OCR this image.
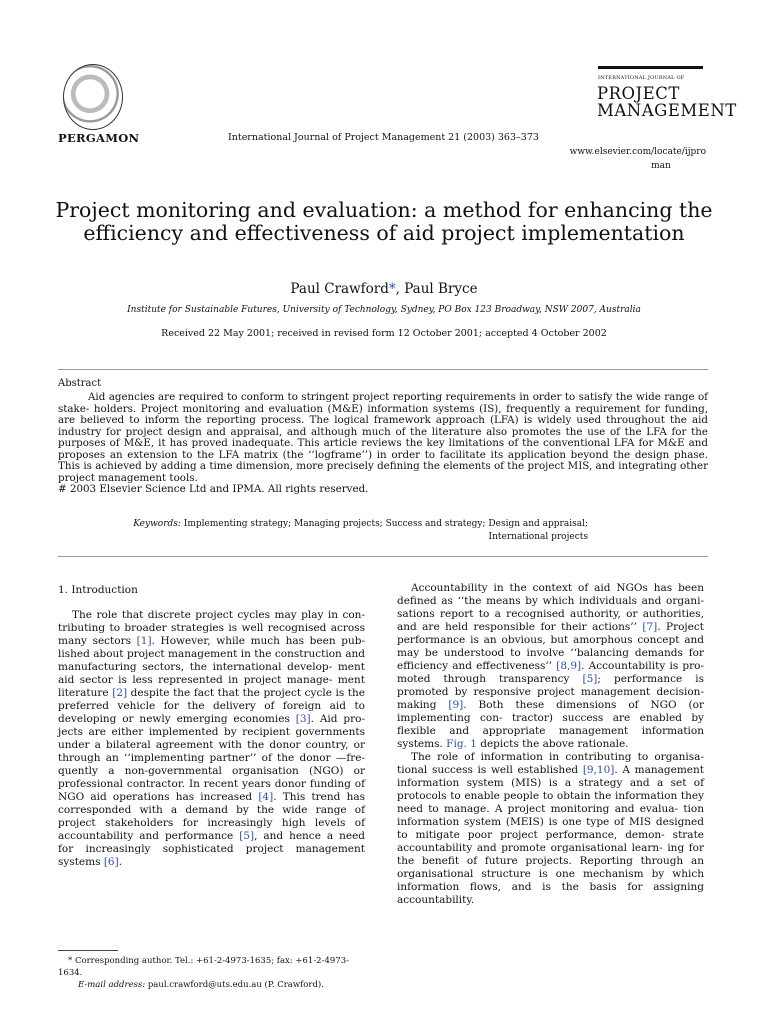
PERGAMON	International Journal of Project Management 21 (2003) 363–373
INTERNATIONAL JOURNAL OF
PROJECT
MANAGEMENT
www.elsevier.com/locate/ijpro
man
Project monitoring and evaluation: a method for enhancing the efficiency and effectiveness of aid project implementation
Paul Crawford*, Paul Bryce
Institute for Sustainable Futures, University of Technology, Sydney, PO Box 123 Broadway, NSW 2007, Australia
Received 22 May 2001; received in revised form 12 October 2001; accepted 4 October 2002
Abstract

Aid agencies are required to conform to stringent project reporting requirements in order to satisfy the wide range of stake- holders. Project monitoring and evaluation (M&E) information systems (IS), frequently a requirement for funding, are believed to inform the reporting process. The logical framework approach (LFA) is widely used throughout the aid industry for project design and appraisal, and although much of the literature also promotes the use of the LFA for the purposes of M&E, it has proved inadequate. This article reviews the key limitations of the conventional LFA for M&E and proposes an extension to the LFA matrix (the ‘‘logframe’’) in order to facilitate its application beyond the design phase. This is achieved by adding a time dimension, more precisely defining the elements of the project MIS, and integrating other project management tools.

# 2003 Elsevier Science Ltd and IPMA. All rights reserved.

Keywords: Implementing strategy; Managing projects; Success and strategy; Design and appraisal;
International projects

1. Introduction

The role that discrete project cycles may play in con- tributing to broader strategies is well recognised across many sectors [1]. However, while much has been pub- lished about project management in the construction and manufacturing sectors, the international develop- ment aid sector is less represented in project manage- ment literature [2] despite the fact that the project cycle is the preferred vehicle for the delivery of foreign aid to developing or newly emerging economies [3]. Aid pro- jects are either implemented by recipient governments under a bilateral agreement with the donor country, or through an ‘‘implementing partner’’ of the donor —fre- quently a non-governmental organisation (NGO) or professional contractor. In recent years donor funding of NGO aid operations has increased [4]. This trend has corresponded with a demand by the wide range of project stakeholders for increasingly high levels of accountability and performance [5], and hence a need for increasingly sophisticated project management systems [6].

Accountability in the context of aid NGOs has been defined as ‘‘the means by which individuals and organi- sations report to a recognised authority, or authorities, and are held responsible for their actions’’ [7]. Project performance is an obvious, but amorphous concept and may be understood to involve ‘‘balancing demands for efficiency and effectiveness’’ [8,9]. Accountability is pro- moted through transparency [5]; performance is promoted by responsive project management decision-making [9]. Both these dimensions of NGO (or implementing con- tractor) success are enabled by flexible and appropriate management information systems. Fig. 1 depicts the above rationale.

The role of information in contributing to organisa- tional success is well established [9,10]. A management information system (MIS) is a strategy and a set of protocols to enable people to obtain the information they need to manage. A project monitoring and evalua- tion information system (MEIS) is one type of MIS designed to mitigate poor project performance, demon- strate accountability and promote organisational learn- ing for the benefit of future projects. Reporting through an organisational structure is one mechanism by which information flows, and is the basis for assigning accountability.

* Corresponding author. Tel.: +61-2-4973-1635; fax: +61-2-4973- 1634.
E-mail address: paul.crawford@uts.edu.au (P. Crawford).
